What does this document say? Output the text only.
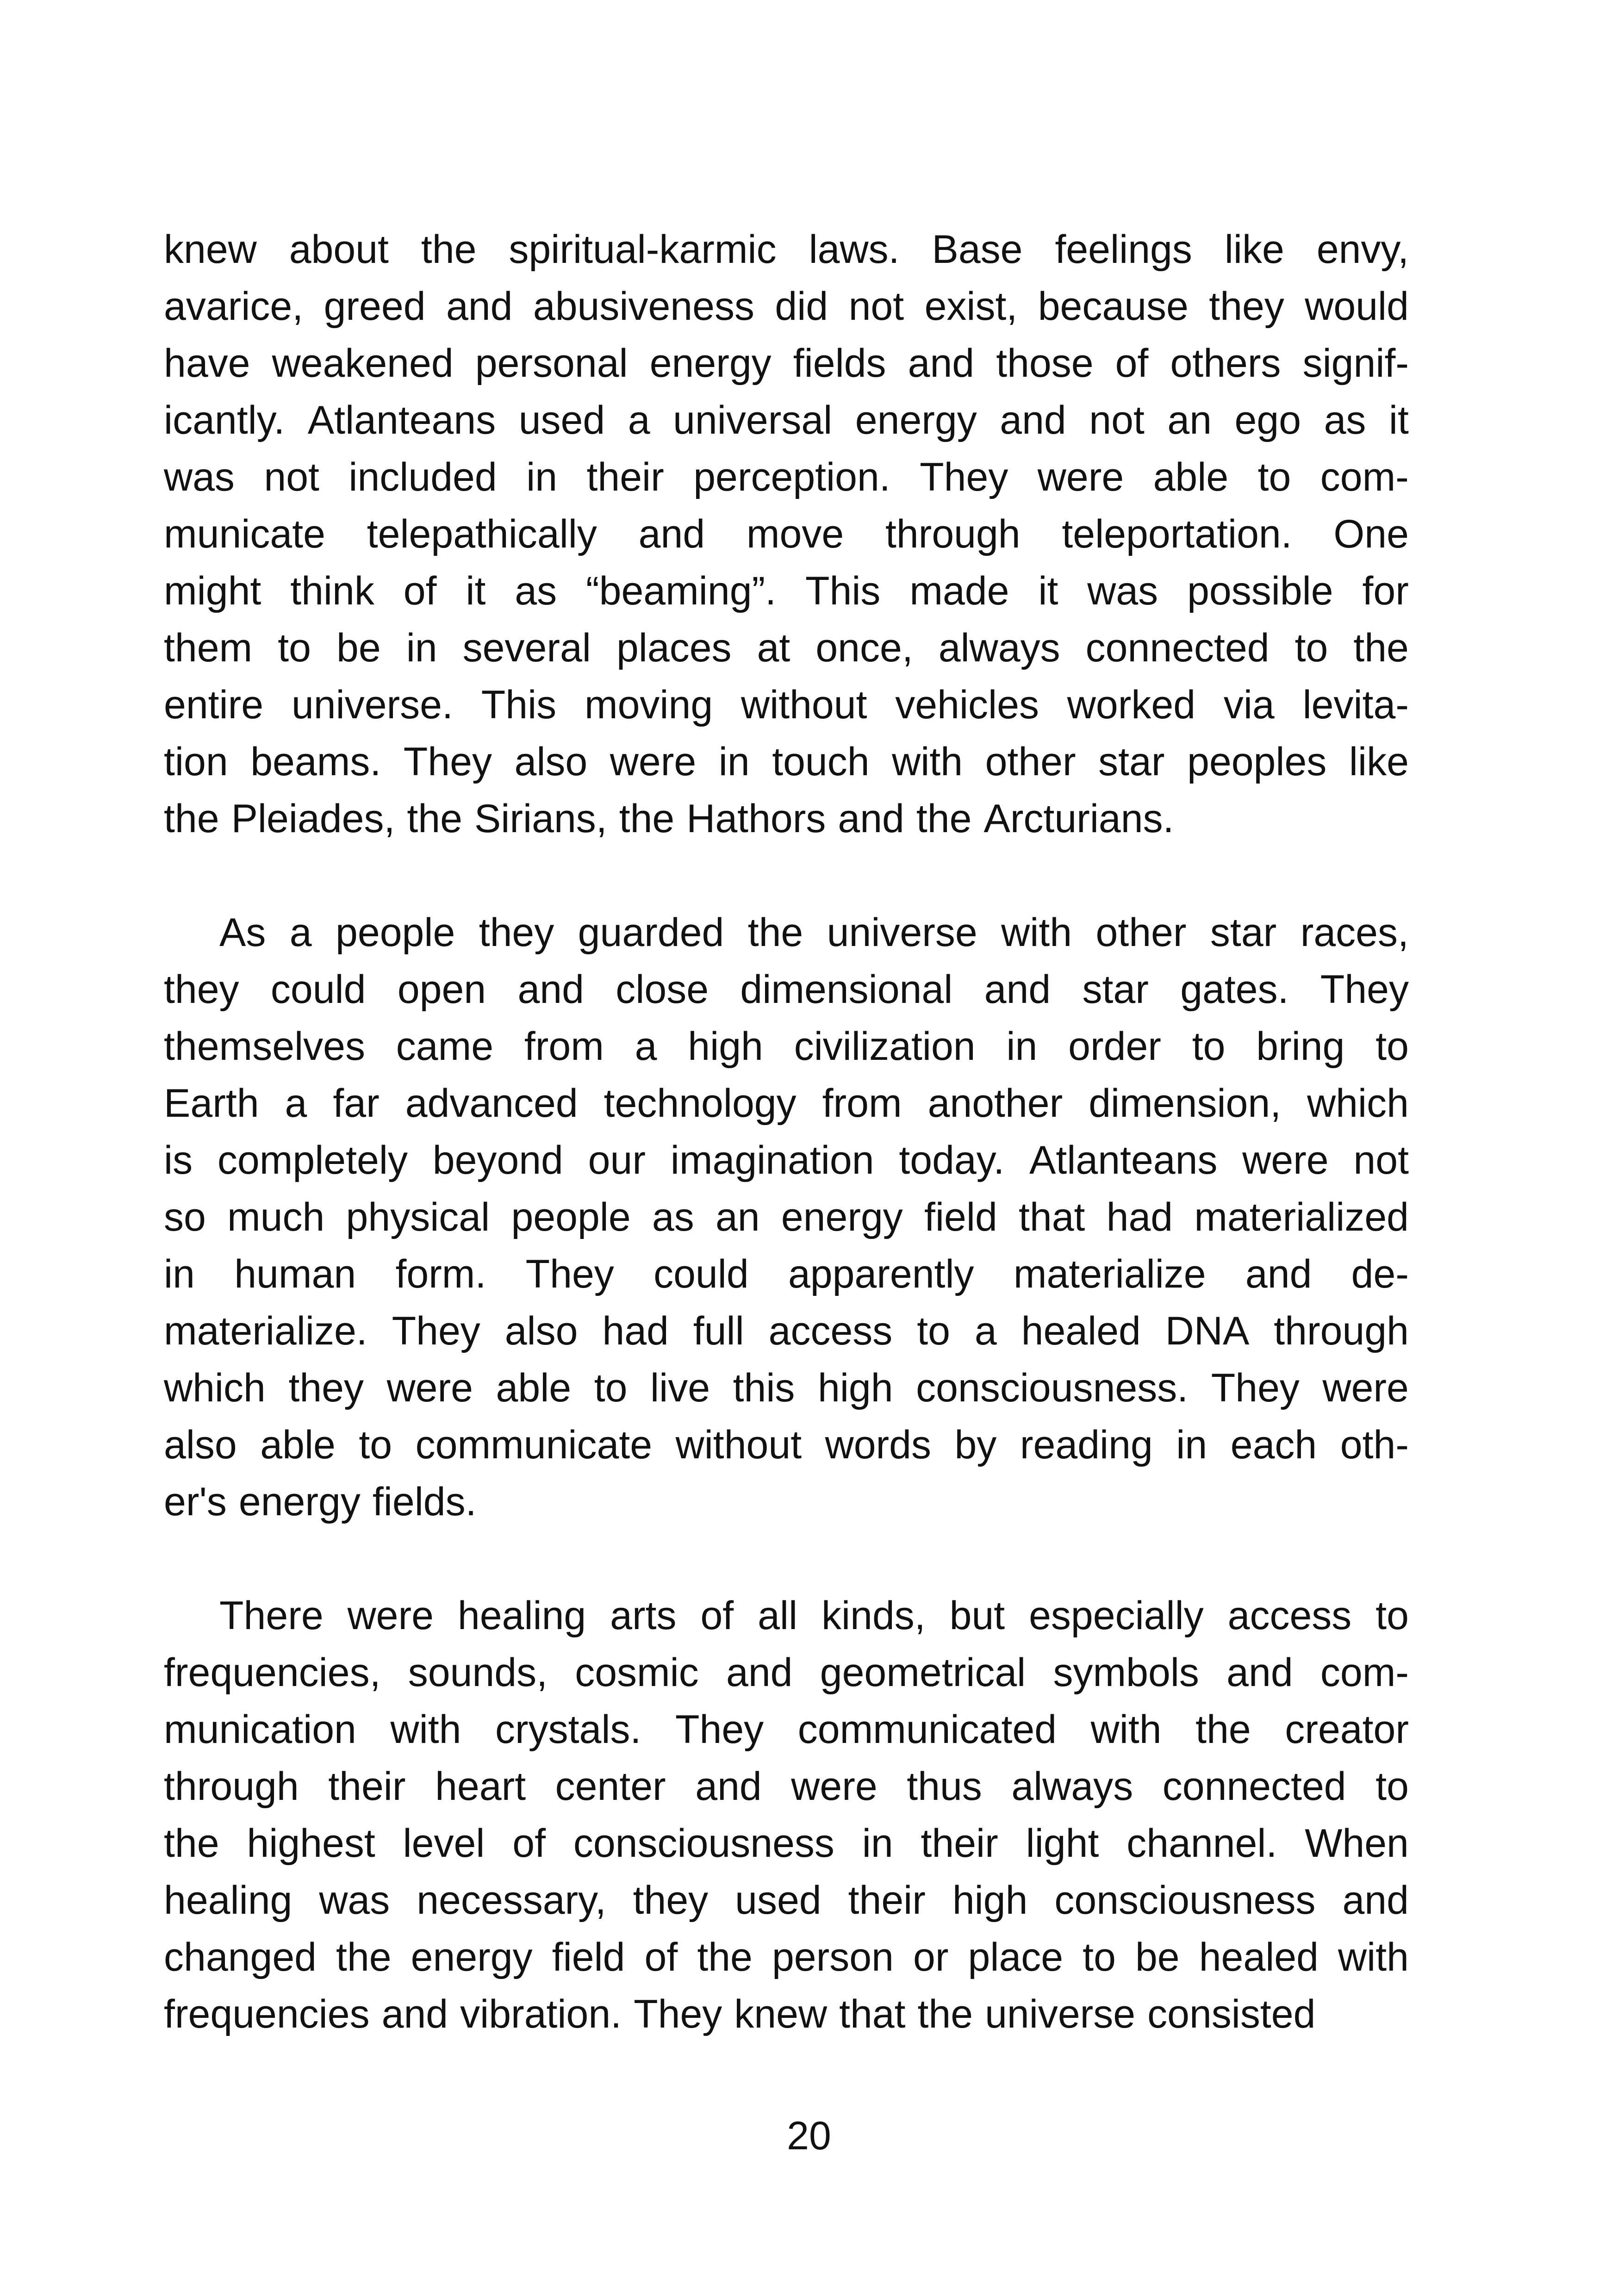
knew about the spiritual-karmic laws. Base feelings like envy,
avarice, greed and abusiveness did not exist, because they would
have weakened personal energy fields and those of others signif-
icantly. Atlanteans used a universal energy and not an ego as it
was not included in their perception. They were able to com-
municate telepathically and move through teleportation. One
might think of it as “beaming”. This made it was possible for
them to be in several places at once, always connected to the
entire universe. This moving without vehicles worked via levita-
tion beams. They also were in touch with other star peoples like
the Pleiades, the Sirians, the Hathors and the Arcturians.
As a people they guarded the universe with other star races,
they could open and close dimensional and star gates. They
themselves came from a high civilization in order to bring to
Earth a far advanced technology from another dimension, which
is completely beyond our imagination today. Atlanteans were not
so much physical people as an energy field that had materialized
in human form. They could apparently materialize and de-
materialize. They also had full access to a healed DNA through
which they were able to live this high consciousness. They were
also able to communicate without words by reading in each oth-
er's energy fields.
There were healing arts of all kinds, but especially access to
frequencies, sounds, cosmic and geometrical symbols and com-
munication with crystals. They communicated with the creator
through their heart center and were thus always connected to
the highest level of consciousness in their light channel. When
healing was necessary, they used their high consciousness and
changed the energy field of the person or place to be healed with
frequencies and vibration. They knew that the universe consisted
20
